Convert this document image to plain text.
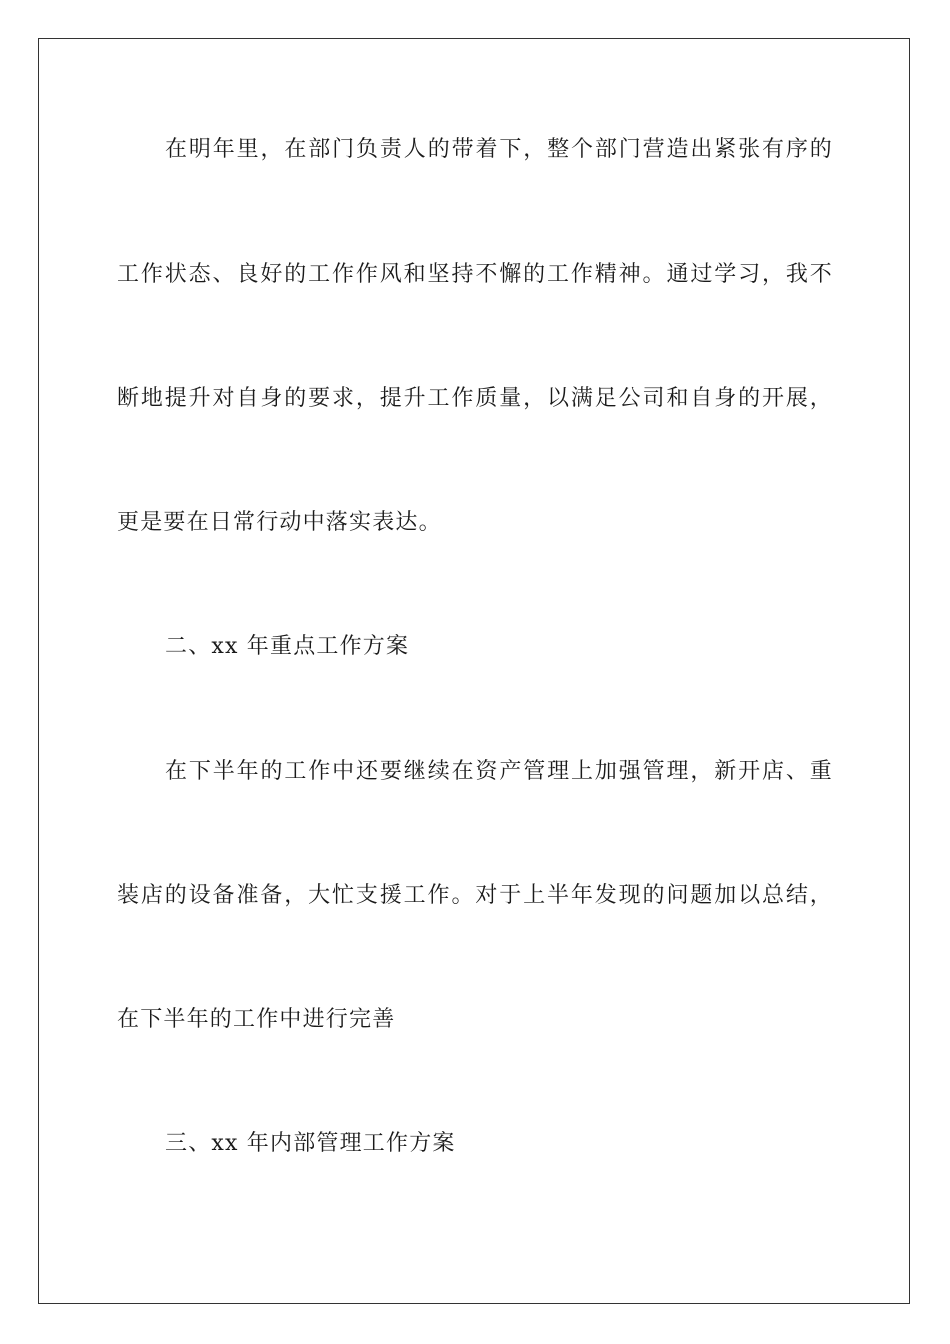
在明年里，在部门负责人的带着下，整个部门营造出紧张有序的
工作状态、良好的工作作风和坚持不懈的工作精神。通过学习，我不
断地提升对自身的要求，提升工作质量，以满足公司和自身的开展，
更是要在日常行动中落实表达。
二、xx 年重点工作方案
在下半年的工作中还要继续在资产管理上加强管理，新开店、重
装店的设备准备，大忙支援工作。对于上半年发现的问题加以总结，
在下半年的工作中进行完善
三、xx 年内部管理工作方案
